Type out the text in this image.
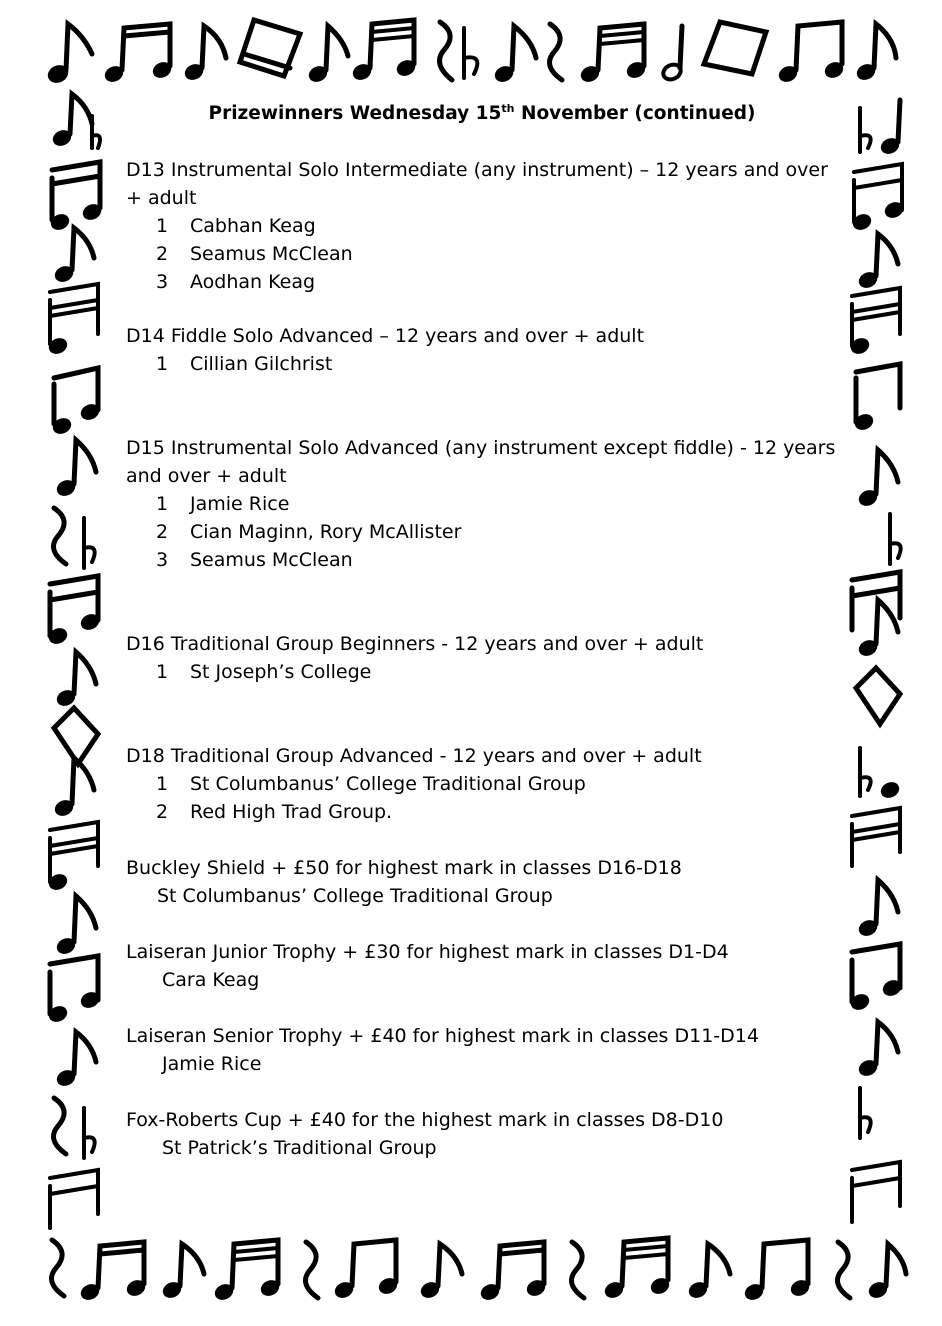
Prizewinners Wednesday 15th November (continued)
D13 Instrumental Solo Intermediate (any instrument) – 12 years and over + adult
1	Cabhan Keag
2	Seamus McClean
3	Aodhan Keag
D14 Fiddle Solo Advanced – 12 years and over + adult
1	Cillian Gilchrist
D15 Instrumental Solo Advanced (any instrument except fiddle) - 12 years and over + adult
1	Jamie Rice
2	Cian Maginn, Rory McAllister
3	Seamus McClean
D16 Traditional Group Beginners - 12 years and over + adult
1	St Joseph’s College
D18 Traditional Group Advanced - 12 years and over + adult
1	St Columbanus’ College Traditional Group
2	Red High Trad Group.
Buckley Shield + £50 for highest mark in classes D16-D18
St Columbanus’ College Traditional Group
Laiseran Junior Trophy + £30 for highest mark in classes D1-D4
Cara Keag
Laiseran Senior Trophy + £40 for highest mark in classes D11-D14
Jamie Rice
Fox-Roberts Cup + £40 for the highest mark in classes D8-D10
St Patrick’s Traditional Group
